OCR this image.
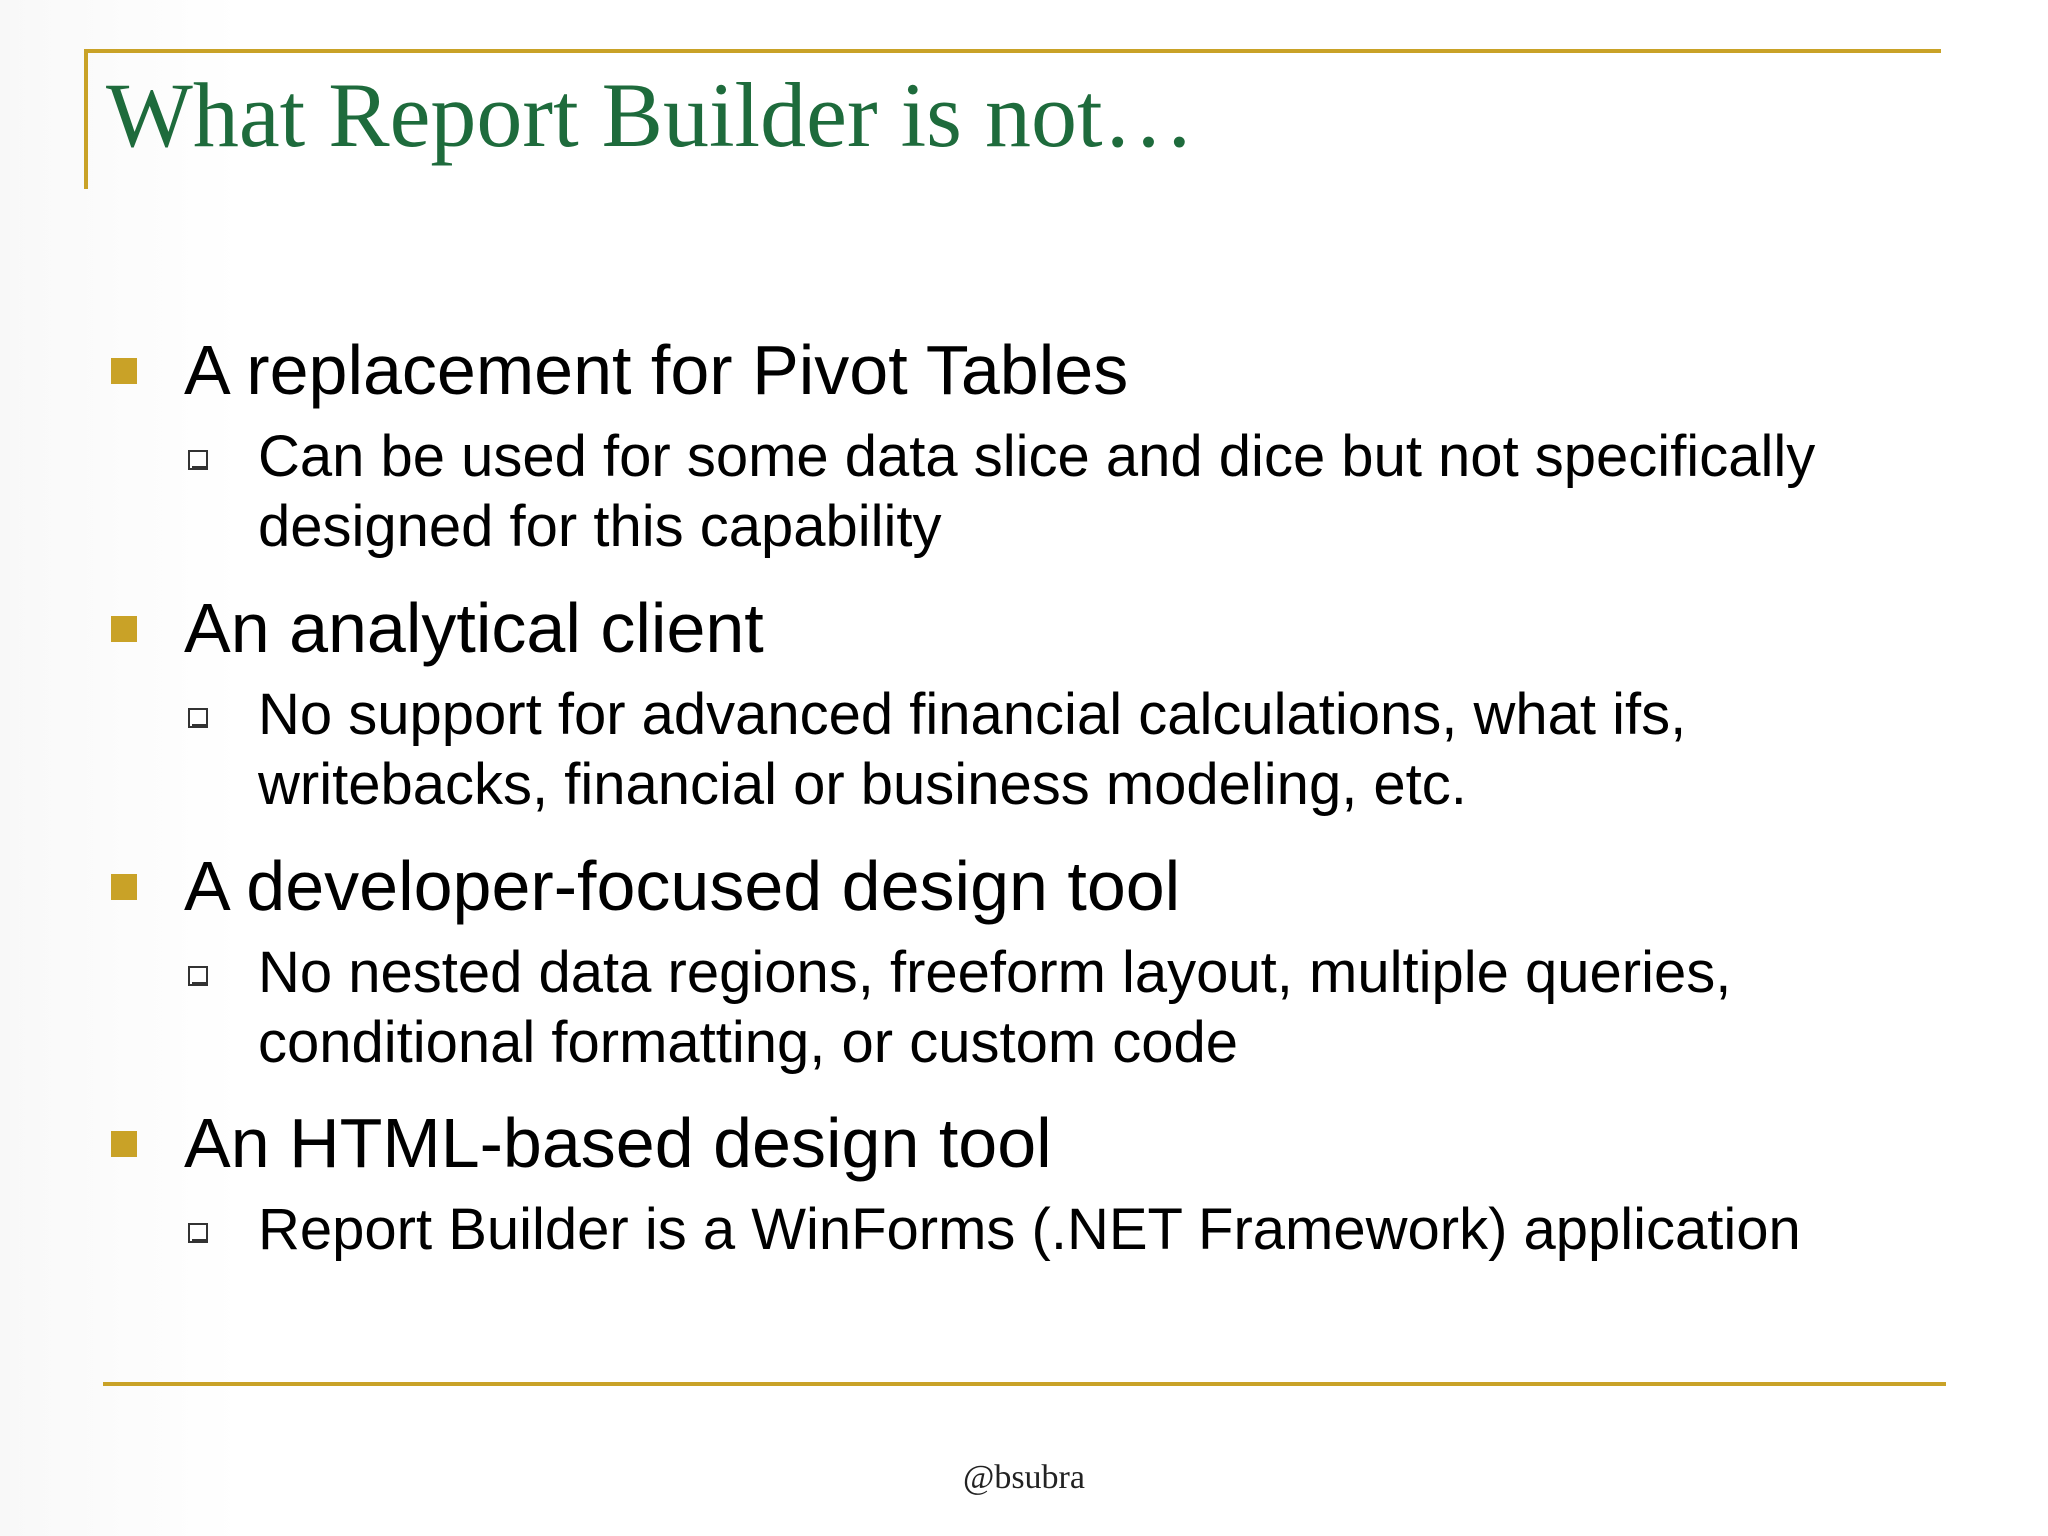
What Report Builder is not…
A replacement for Pivot Tables
Can be used for some data slice and dice but not specifically
designed for this capability
An analytical client
No support for advanced financial calculations, what ifs,
writebacks, financial or business modeling, etc.
A developer-focused design tool
No nested data regions, freeform layout, multiple queries,
conditional formatting, or custom code
An HTML-based design tool
Report Builder is a WinForms (.NET Framework) application
@bsubra
